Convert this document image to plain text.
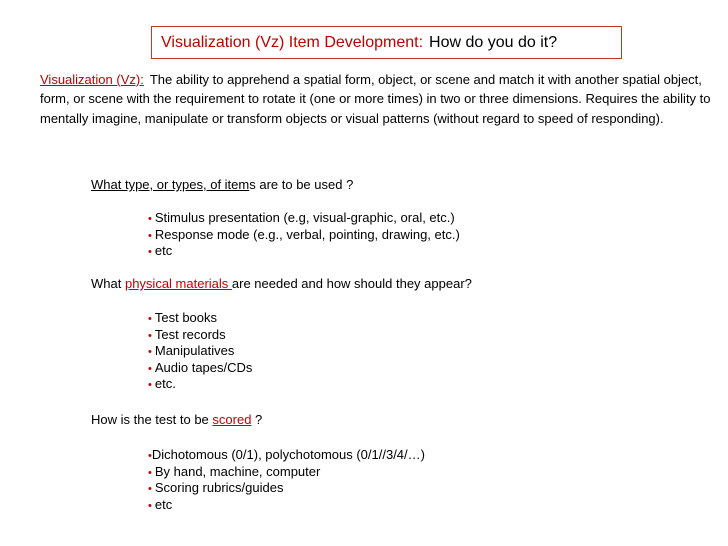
Visualization (Vz) Item Development : How do you do it?
Visualization (Vz): The ability to apprehend a spatial form, object, or scene and match it with another spatial object, form, or scene with the requirement to rotate it (one or more times) in two or three dimensions. Requires the ability to mentally imagine, manipulate or transform objects or visual patterns (without regard to speed of responding).
What type, or types, of items are to be used ?
• Stimulus presentation (e.g, visual-graphic, oral, etc.)
• Response mode (e.g., verbal, pointing, drawing, etc.)
• etc
What physical materials are needed and how should they appear?
• Test books
• Test records
• Manipulatives
• Audio tapes/CDs
• etc.
How is the test to be scored ?
•Dichotomous (0/1), polychotomous (0/1//3/4/…)
• By hand, machine, computer
• Scoring rubrics/guides
• etc
